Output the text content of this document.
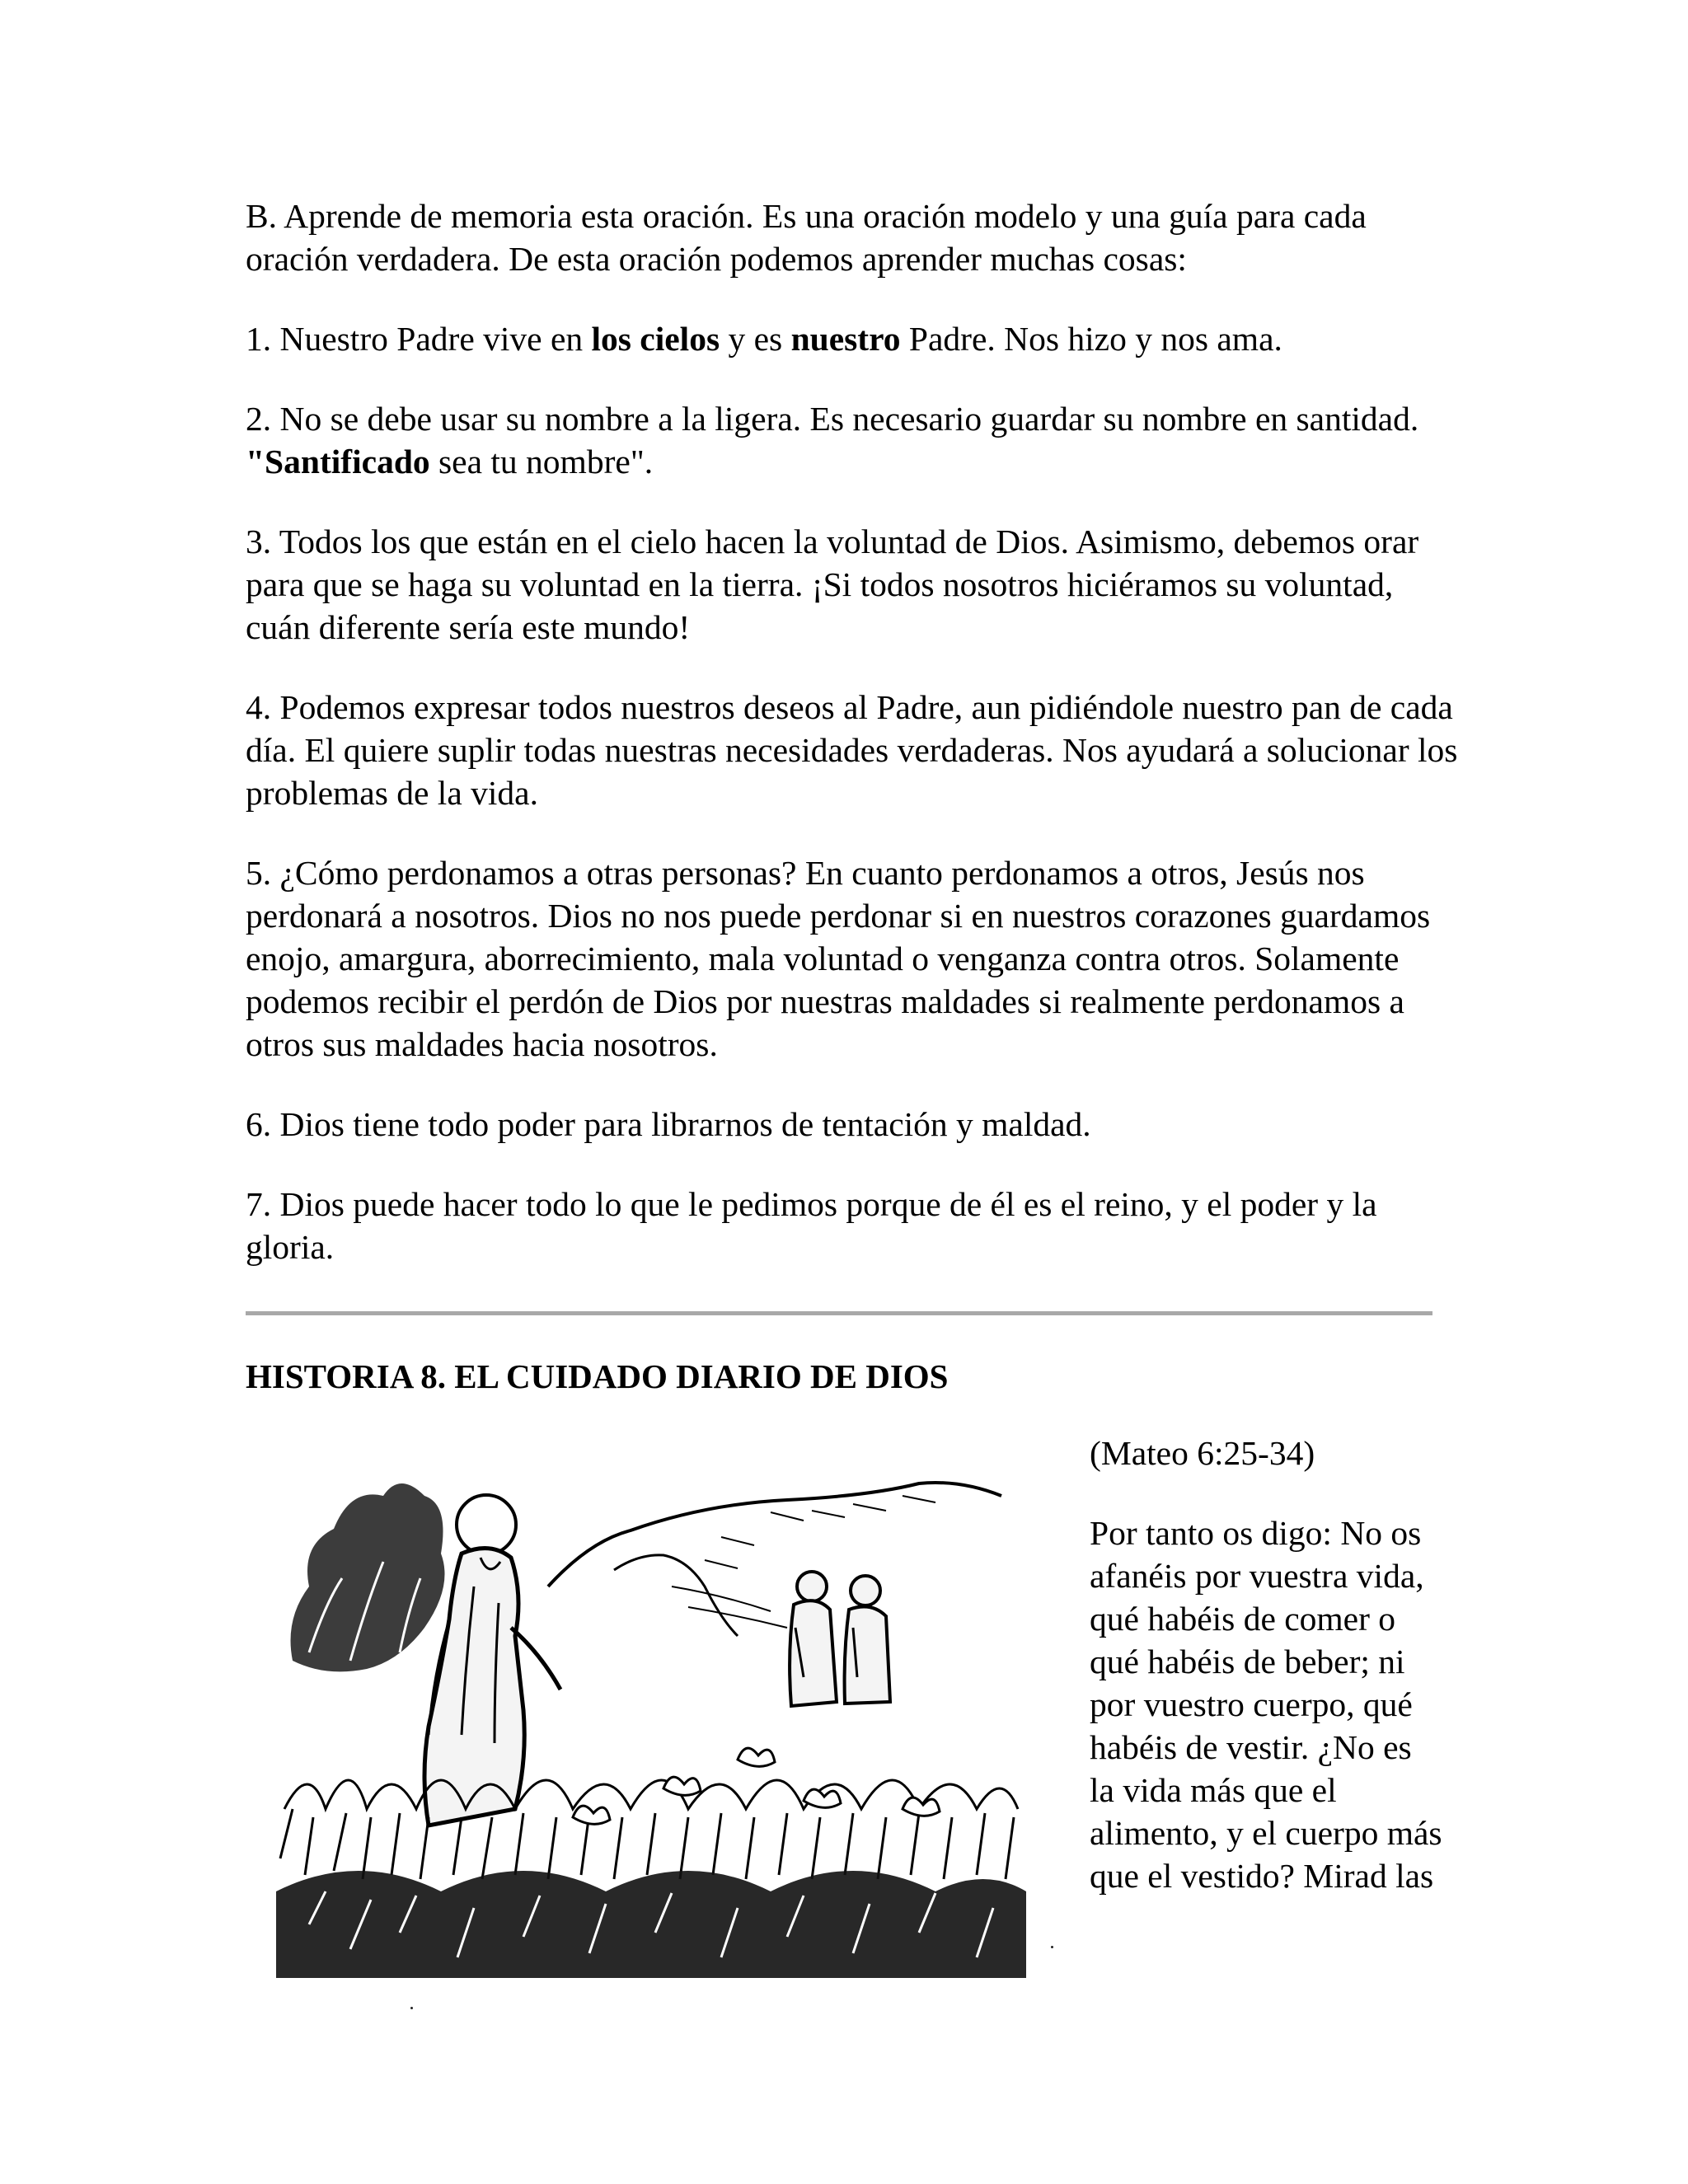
B. Aprende de memoria esta oración. Es una oración modelo y una guía para cada oración verdadera. De esta oración podemos aprender muchas cosas:

1. Nuestro Padre vive en los cielos y es nuestro Padre. Nos hizo y nos ama.

2. No se debe usar su nombre a la ligera. Es necesario guardar su nombre en santidad. "Santificado sea tu nombre".

3. Todos los que están en el cielo hacen la voluntad de Dios. Asimismo, debemos orar para que se haga su voluntad en la tierra. ¡Si todos nosotros hiciéramos su voluntad, cuán diferente sería este mundo!

4. Podemos expresar todos nuestros deseos al Padre, aun pidiéndole nuestro pan de cada día. El quiere suplir todas nuestras necesidades verdaderas. Nos ayudará a solucionar los problemas de la vida.

5. ¿Cómo perdonamos a otras personas? En cuanto perdonamos a otros, Jesús nos perdonará a nosotros. Dios no nos puede perdonar si en nuestros corazones guardamos enojo, amargura, aborrecimiento, mala voluntad o venganza contra otros. Solamente podemos recibir el perdón de Dios por nuestras maldades si realmente perdonamos a otros sus maldades hacia nosotros.

6. Dios tiene todo poder para librarnos de tentación y maldad.

7. Dios puede hacer todo lo que le pedimos porque de él es el reino, y el poder y la gloria.

HISTORIA 8. EL CUIDADO DIARIO DE DIOS

(Mateo 6:25-34)

Por tanto os digo: No os afanéis por vuestra vida, qué habéis de comer o qué habéis de beber; ni por vuestro cuerpo, qué habéis de vestir. ¿No es la vida más que el alimento, y el cuerpo más que el vestido? Mirad las
